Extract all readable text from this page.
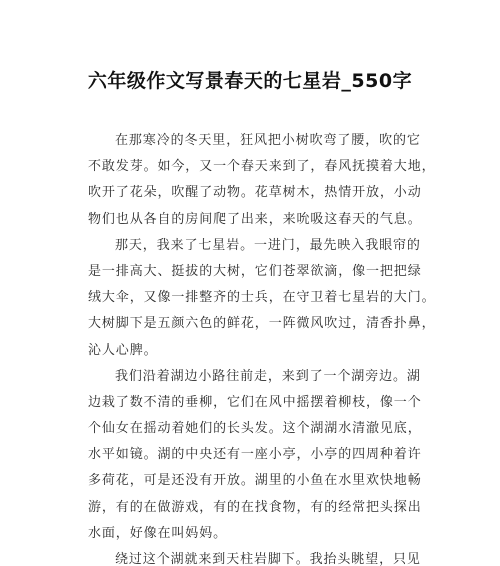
六年级作文写景春天的七星岩_550字
在那寒冷的冬天里，狂风把小树吹弯了腰，吹的它
不敢发芽。如今，又一个春天来到了，春风抚摸着大地，
吹开了花朵，吹醒了动物。花草树木，热情开放，小动
物们也从各自的房间爬了出来，来吮吸这春天的气息。
那天，我来了七星岩。一进门，最先映入我眼帘的
是一排高大、挺拔的大树，它们苍翠欲滴，像一把把绿
绒大伞，又像一排整齐的士兵，在守卫着七星岩的大门。
大树脚下是五颜六色的鲜花，一阵微风吹过，清香扑鼻，
沁人心脾。
我们沿着湖边小路往前走，来到了一个湖旁边。湖
边栽了数不清的垂柳，它们在风中摇摆着柳枝，像一个
个仙女在摇动着她们的长头发。这个湖湖水清澈见底，
水平如镜。湖的中央还有一座小亭，小亭的四周种着许
多荷花，可是还没有开放。湖里的小鱼在水里欢快地畅
游，有的在做游戏，有的在找食物，有的经常把头探出
水面，好像在叫妈妈。
绕过这个湖就来到天柱岩脚下。我抬头眺望，只见
